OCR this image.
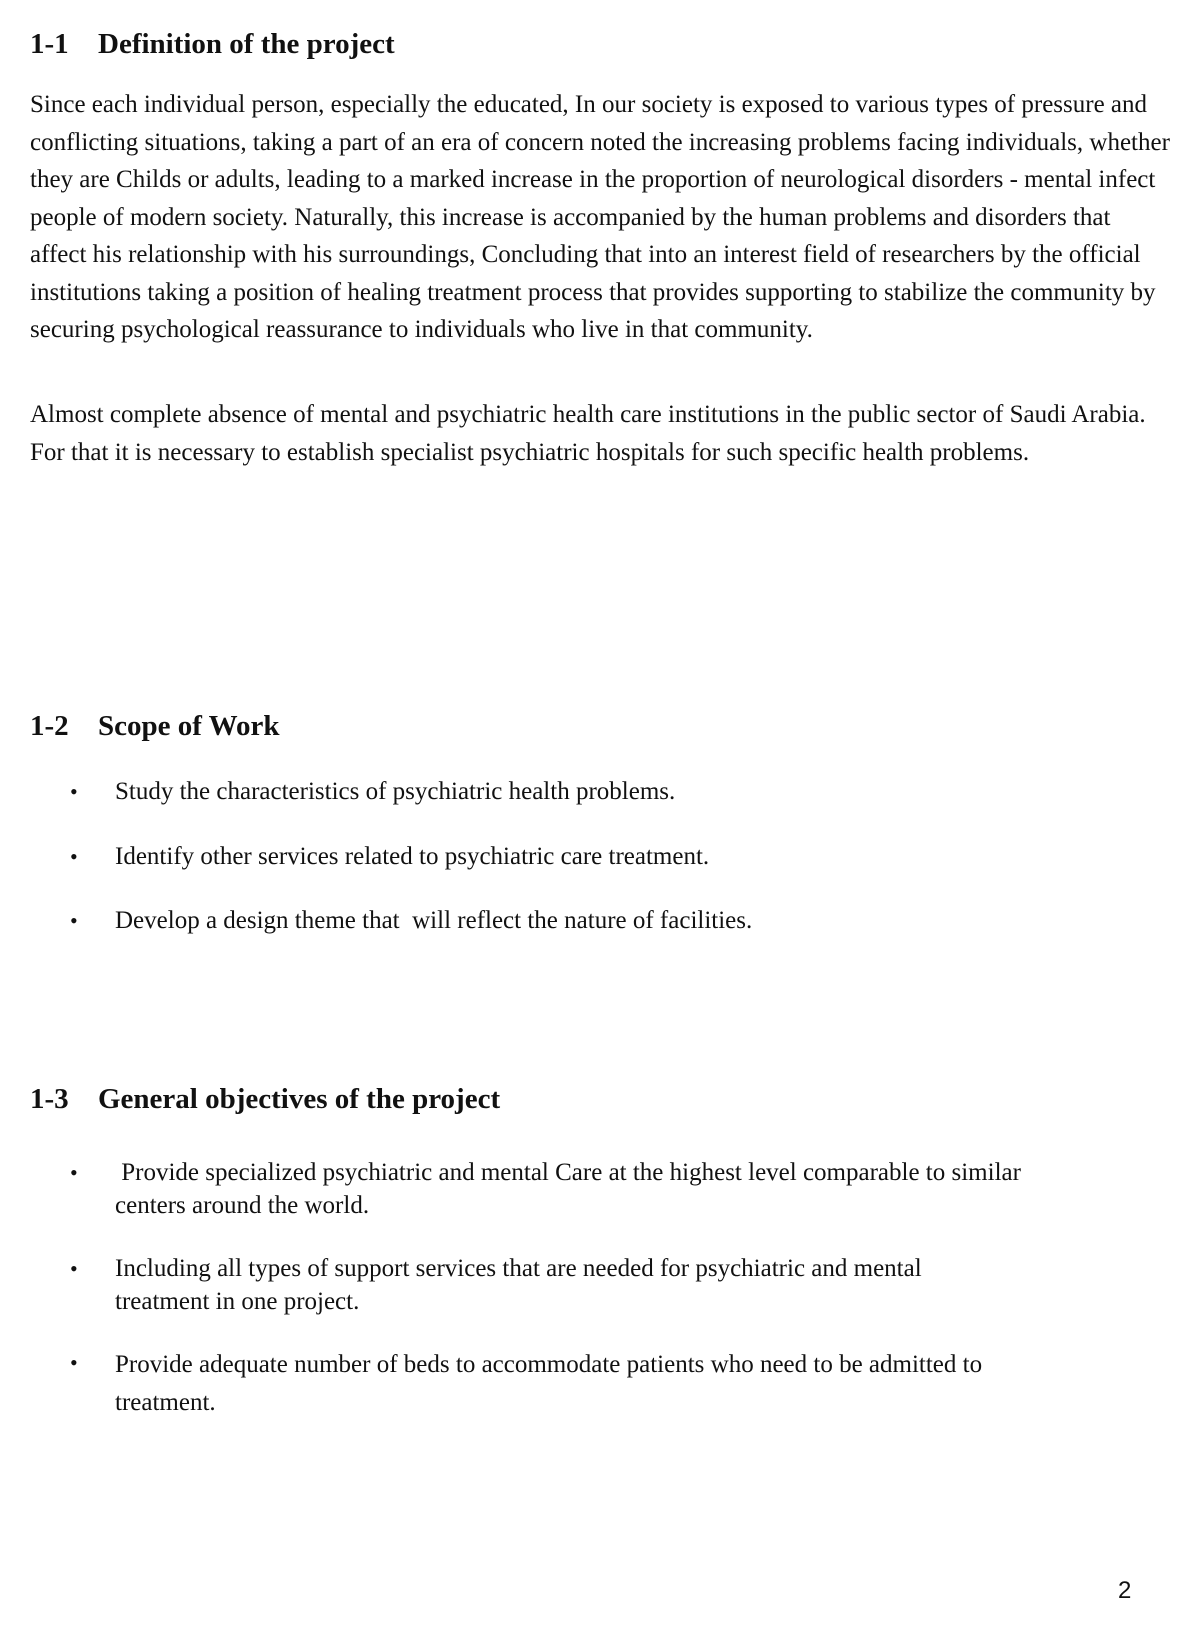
1-1 Definition of the project

Since each individual person, especially the educated, In our society is exposed to various types of pressure and conflicting situations, taking a part of an era of concern noted the increasing problems facing individuals, whether they are Childs or adults, leading to a marked increase in the proportion of neurological disorders - mental infect people of modern society. Naturally, this increase is accompanied by the human problems and disorders that affect his relationship with his surroundings, Concluding that into an interest field of researchers by the official institutions taking a position of healing treatment process that provides supporting to stabilize the community by securing psychological reassurance to individuals who live in that community.

Almost complete absence of mental and psychiatric health care institutions in the public sector of Saudi Arabia. For that it is necessary to establish specialist psychiatric hospitals for such specific health problems.

1-2 Scope of Work
•	Study the characteristics of psychiatric health problems.
•	Identify other services related to psychiatric care treatment.
•	Develop a design theme that  will reflect the nature of facilities.
1-3 General objectives of the project
•	Provide specialized psychiatric and mental Care at the highest level comparable to similar centers around the world.
•	Including all types of support services that are needed for psychiatric and mental treatment in one project.
•	Provide adequate number of beds to accommodate patients who need to be admitted to treatment.
2
